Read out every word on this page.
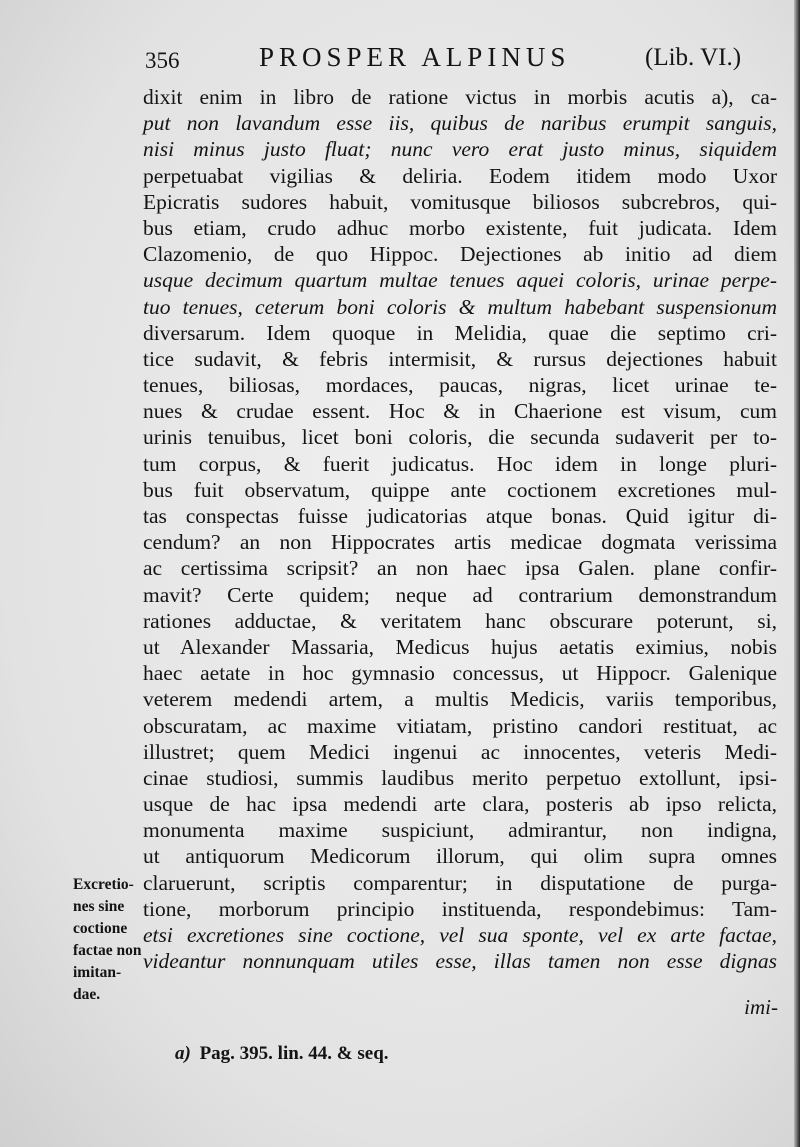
356	PROSPER ALPINUS	(Lib. VI.)
dixit enim in libro de ratione victus in morbis acutis a), ca-
put non lavandum esse iis, quibus de naribus erumpit sanguis,
nisi minus justo fluat; nunc vero erat justo minus, siquidem
perpetuabat vigilias & deliria. Eodem itidem modo Uxor
Epicratis sudores habuit, vomitusque biliosos subcrebros, qui-
bus etiam, crudo adhuc morbo existente, fuit judicata. Idem
Clazomenio, de quo Hippoc. Dejectiones ab initio ad diem
usque decimum quartum multae tenues aquei coloris, urinae perpe-
tuo tenues, ceterum boni coloris & multum habebant suspensionum
diversarum. Idem quoque in Melidia, quae die septimo cri-
tice sudavit, & febris intermisit, & rursus dejectiones habuit
tenues, biliosas, mordaces, paucas, nigras, licet urinae te-
nues & crudae essent. Hoc & in Chaerione est visum, cum
urinis tenuibus, licet boni coloris, die secunda sudaverit per to-
tum corpus, & fuerit judicatus. Hoc idem in longe pluri-
bus fuit observatum, quippe ante coctionem excretiones mul-
tas conspectas fuisse judicatorias atque bonas. Quid igitur di-
cendum? an non Hippocrates artis medicae dogmata verissima
ac certissima scripsit? an non haec ipsa Galen. plane confir-
mavit? Certe quidem; neque ad contrarium demonstrandum
rationes adductae, & veritatem hanc obscurare poterunt, si,
ut Alexander Massaria, Medicus hujus aetatis eximius, nobis
haec aetate in hoc gymnasio concessus, ut Hippocr. Galenique
veterem medendi artem, a multis Medicis, variis temporibus,
obscuratam, ac maxime vitiatam, pristino candori restituat, ac
illustret; quem Medici ingenui ac innocentes, veteris Medi-
cinae studiosi, summis laudibus merito perpetuo extollunt, ipsi-
usque de hac ipsa medendi arte clara, posteris ab ipso relicta,
monumenta maxime suspiciunt, admirantur, non indigna,
ut antiquorum Medicorum illorum, qui olim supra omnes
claruerunt, scriptis comparentur; in disputatione de purga-
tione, morborum principio instituenda, respondebimus: Tam-
etsi excretiones sine coctione, vel sua sponte, vel ex arte factae,
videantur nonnunquam utiles esse, illas tamen non esse dignas
imi-
Excretio-
nes sine
coctione
factae non
imitan-
dae.
a) Pag. 395. lin. 44. & seq.
